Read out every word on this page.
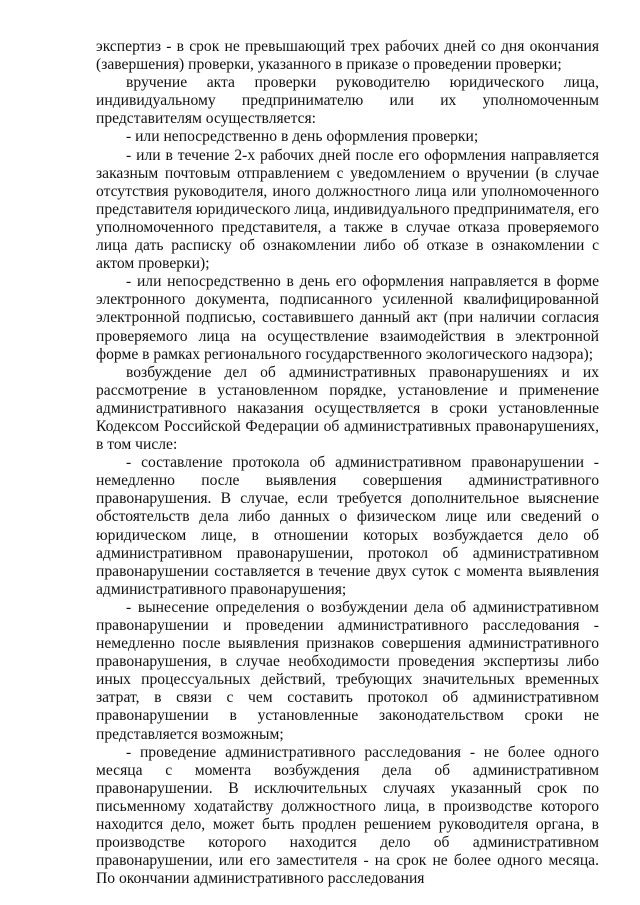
экспертиз - в срок не превышающий трех рабочих дней со дня окончания (завершения) проверки, указанного в приказе о проведении проверки;

вручение акта проверки руководителю юридического лица, индивидуальному предпринимателю или их уполномоченным представителям осуществляется:

- или непосредственно в день оформления проверки;

- или в течение 2-х рабочих дней после его оформления направляется заказным почтовым отправлением с уведомлением о вручении (в случае отсутствия руководителя, иного должностного лица или уполномоченного представителя юридического лица, индивидуального предпринимателя, его уполномоченного представителя, а также в случае отказа проверяемого лица дать расписку об ознакомлении либо об отказе в ознакомлении с актом проверки);

- или непосредственно в день его оформления направляется в форме электронного документа, подписанного усиленной квалифицированной электронной подписью, составившего данный акт (при наличии согласия проверяемого лица на осуществление взаимодействия в электронной форме в рамках регионального государственного экологического надзора);

возбуждение дел об административных правонарушениях и их рассмотрение в установленном порядке, установление и применение административного наказания осуществляется в сроки установленные Кодексом Российской Федерации об административных правонарушениях, в том числе:

- составление протокола об административном правонарушении - немедленно после выявления совершения административного правонарушения. В случае, если требуется дополнительное выяснение обстоятельств дела либо данных о физическом лице или сведений о юридическом лице, в отношении которых возбуждается дело об административном правонарушении, протокол об административном правонарушении составляется в течение двух суток с момента выявления административного правонарушения;

- вынесение определения о возбуждении дела об административном правонарушении и проведении административного расследования - немедленно после выявления признаков совершения административного правонарушения, в случае необходимости проведения экспертизы либо иных процессуальных действий, требующих значительных временных затрат, в связи с чем составить протокол об административном правонарушении в установленные законодательством сроки не представляется возможным;

- проведение административного расследования - не более одного месяца с момента возбуждения дела об административном правонарушении. В исключительных случаях указанный срок по письменному ходатайству должностного лица, в производстве которого находится дело, может быть продлен решением руководителя органа, в производстве которого находится дело об административном правонарушении, или его заместителя - на срок не более одного месяца. По окончании административного расследования
